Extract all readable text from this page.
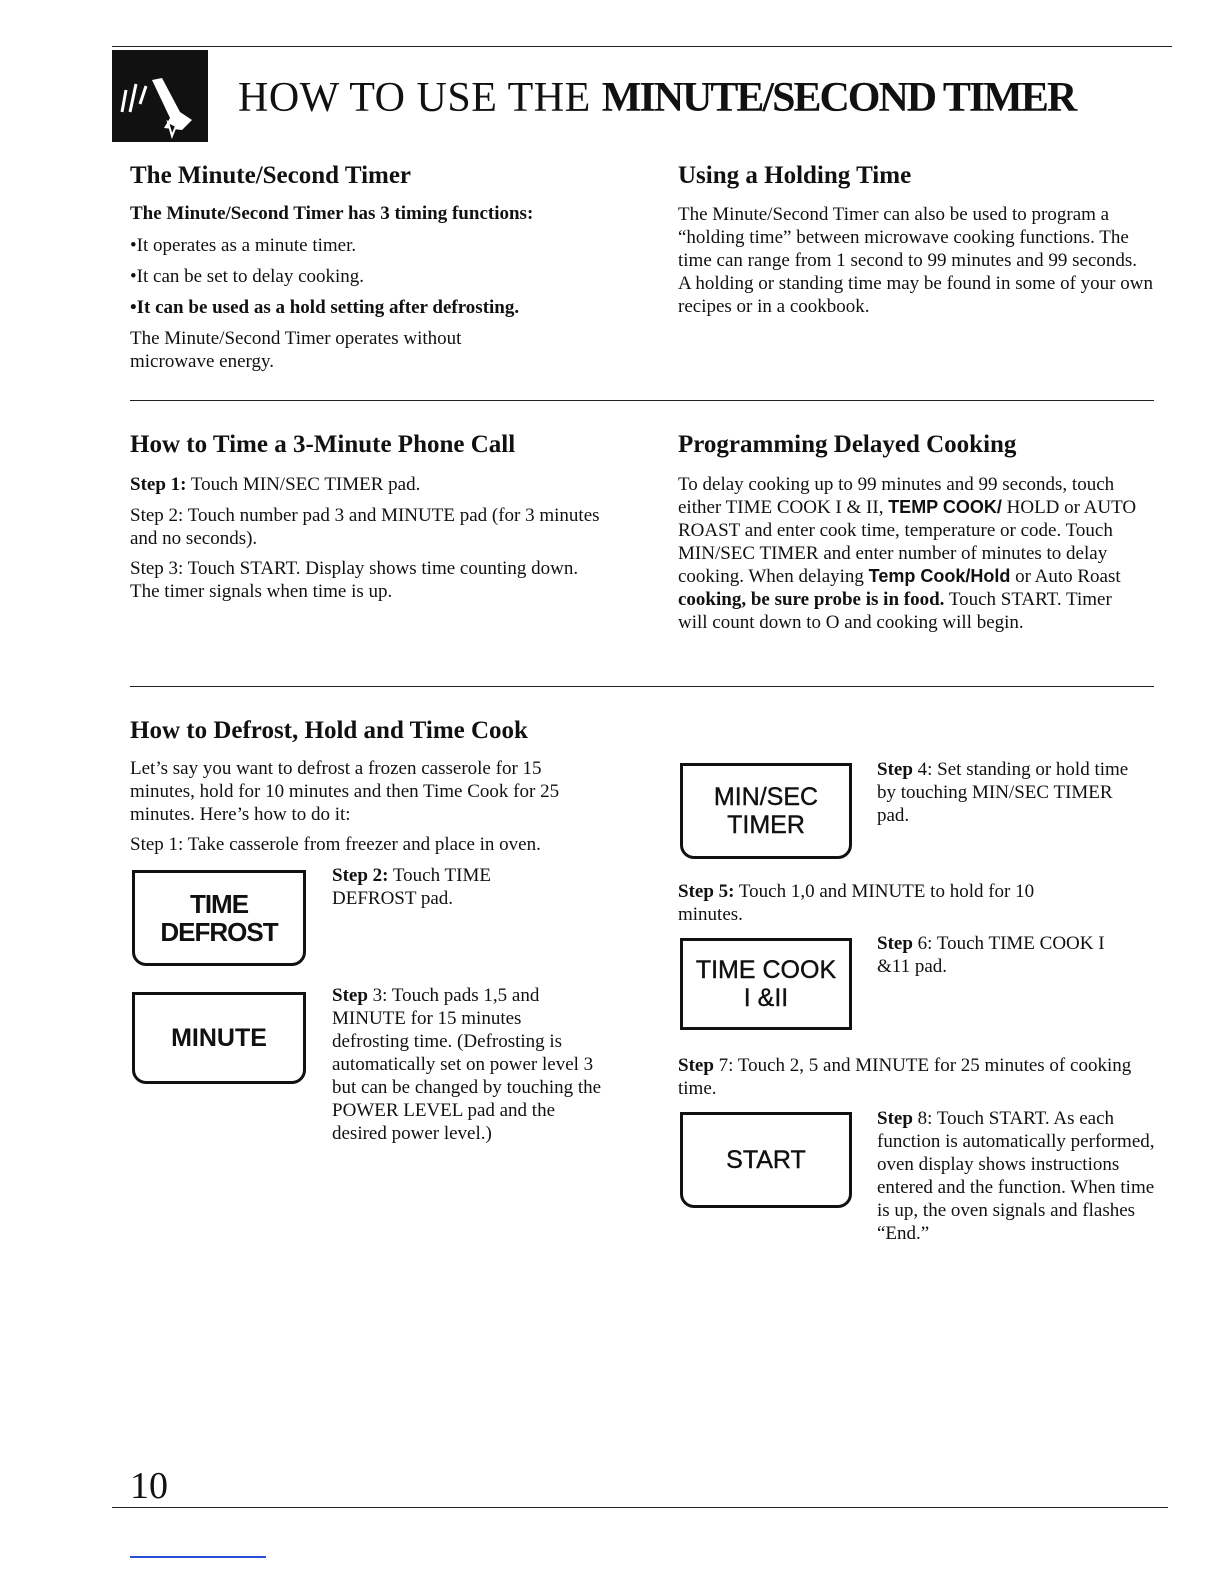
HOW TO USE THE MINUTE/SECOND TIMER
The Minute/Second Timer

The Minute/Second Timer has 3 timing functions:

•It operates as a minute timer.

•It can be set to delay cooking.

•It can be used as a hold setting after defrosting.

The Minute/Second Timer operates without microwave energy.

Using a Holding Time

The Minute/Second Timer can also be used to program a “holding time” between microwave cooking functions. The time can range from 1 second to 99 minutes and 99 seconds. A holding or standing time may be found in some of your own recipes or in a cookbook.

How to Time a 3-Minute Phone Call

Step 1: Touch MIN/SEC TIMER pad.

Step 2: Touch number pad 3 and MINUTE pad (for 3 minutes and no seconds).

Step 3: Touch START. Display shows time counting down. The timer signals when time is up.

Programming Delayed Cooking

To delay cooking up to 99 minutes and 99 seconds, touch either TIME COOK I & II, TEMP COOK/ HOLD or AUTO ROAST and enter cook time, temperature or code. Touch MIN/SEC TIMER and enter number of minutes to delay cooking. When delaying Temp Cook/Hold or Auto Roast cooking, be sure probe is in food. Touch START. Timer will count down to O and cooking will begin.

How to Defrost, Hold and Time Cook

Let’s say you want to defrost a frozen casserole for 15 minutes, hold for 10 minutes and then Time Cook for 25 minutes. Here’s how to do it:

Step 1: Take casserole from freezer and place in oven.

TIME
DEFROST

Step 2: Touch TIME DEFROST pad.

MINUTE

Step 3: Touch pads 1,5 and MINUTE for 15 minutes defrosting time. (Defrosting is automatically set on power level 3 but can be changed by touching the POWER LEVEL pad and the desired power level.)

MIN/SEC
TIMER

Step 4: Set standing or hold time by touching MIN/SEC TIMER pad.

Step 5: Touch 1,0 and MINUTE to hold for 10 minutes.

TIME COOK
I &II

Step 6: Touch TIME COOK I &11 pad.

Step 7: Touch 2, 5 and MINUTE for 25 minutes of cooking time.

START

Step 8: Touch START. As each function is automatically performed, oven display shows instructions entered and the function. When time is up, the oven signals and flashes “End.”

10
